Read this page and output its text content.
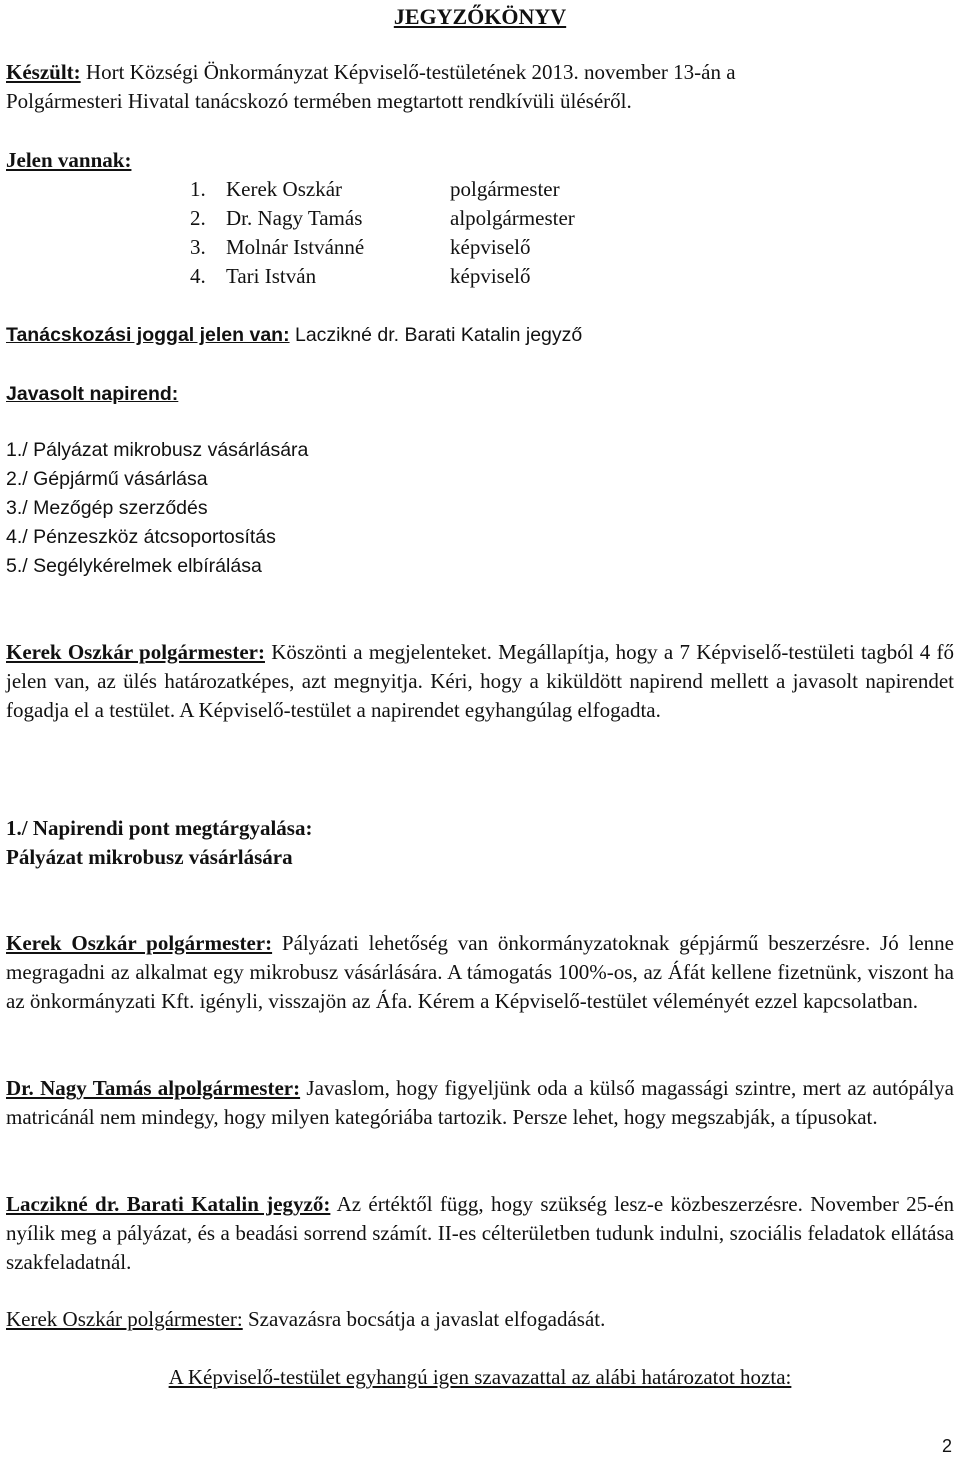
JEGYZŐKÖNYV
Készült: Hort Községi Önkormányzat Képviselő-testületének 2013. november 13-án a
Polgármesteri Hivatal tanácskozó termében megtartott rendkívüli üléséről.
Jelen vannak:
1. Kerek Oszkár	polgármester
2. Dr. Nagy Tamás	alpolgármester
3. Molnár Istvánné	képviselő
4. Tari István	képviselő
Tanácskozási joggal jelen van: Laczikné dr. Barati Katalin jegyző
Javasolt napirend:
1./ Pályázat mikrobusz vásárlására
2./ Gépjármű vásárlása
3./ Mezőgép szerződés
4./ Pénzeszköz átcsoportosítás
5./ Segélykérelmek elbírálása
Kerek Oszkár polgármester: Köszönti a megjelenteket. Megállapítja, hogy a 7 Képviselő-testületi tagból 4 fő jelen van, az ülés határozatképes, azt megnyitja. Kéri, hogy a kiküldött napirend mellett a javasolt napirendet fogadja el a testület. A Képviselő-testület a napirendet egyhangúlag elfogadta.
1./ Napirendi pont megtárgyalása:
Pályázat mikrobusz vásárlására
Kerek Oszkár polgármester: Pályázati lehetőség van önkormányzatoknak gépjármű beszerzésre. Jó lenne megragadni az alkalmat egy mikrobusz vásárlására. A támogatás 100%-os, az Áfát kellene fizetnünk, viszont ha az önkormányzati Kft. igényli, visszajön az Áfa. Kérem a Képviselő-testület véleményét ezzel kapcsolatban.
Dr. Nagy Tamás alpolgármester: Javaslom, hogy figyeljünk oda a külső magassági szintre, mert az autópálya matricánál nem mindegy, hogy milyen kategóriába tartozik. Persze lehet, hogy megszabják, a típusokat.
Laczikné dr. Barati Katalin jegyző: Az értéktől függ, hogy szükség lesz-e közbeszerzésre. November 25-én nyílik meg a pályázat, és a beadási sorrend számít. II-es célterületben tudunk indulni, szociális feladatok ellátása szakfeladatnál.
Kerek Oszkár polgármester: Szavazásra bocsátja a javaslat elfogadását.
A Képviselő-testület egyhangú igen szavazattal az alábi határozatot hozta:
2
